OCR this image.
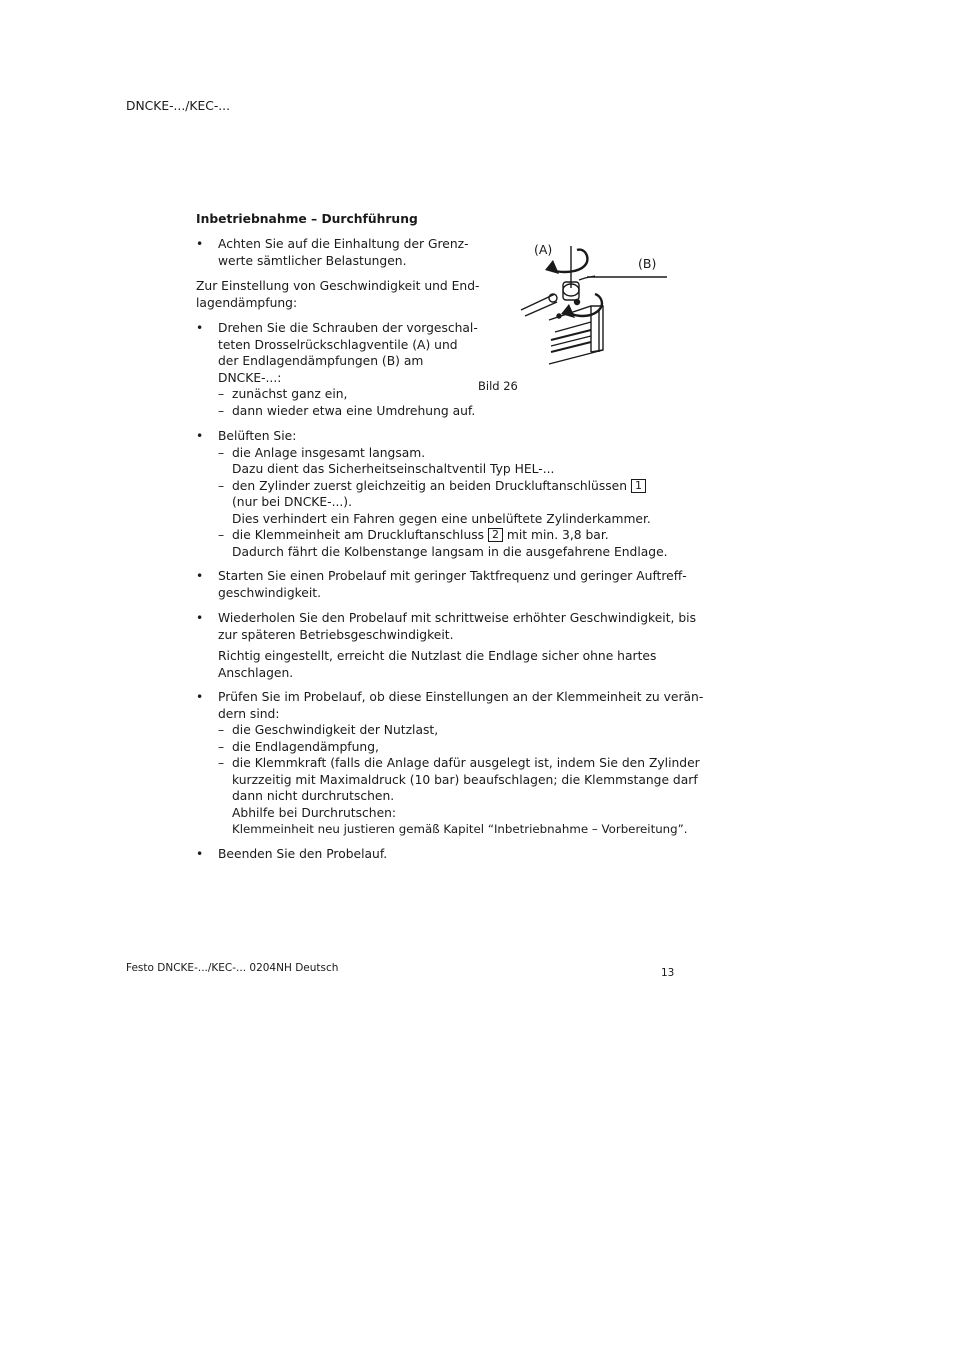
DNCKE-.../KEC-...
Inbetriebnahme – Durchführung
(A)
(B)
Bild 26
• Achten Sie auf die Einhaltung der Grenz-
werte sämtlicher Belastungen.
Zur Einstellung von Geschwindigkeit und End-
lagendämpfung:
• Drehen Sie die Schrauben der vorgeschal-
teten Drosselrückschlagventile (A) und
der Endlagendämpfungen (B) am
DNCKE-...:
– zunächst ganz ein,
– dann wieder etwa eine Umdrehung auf.
• Belüften Sie:
– die Anlage insgesamt langsam.
Dazu dient das Sicherheitseinschaltventil Typ HEL-...
– den Zylinder zuerst gleichzeitig an beiden Druckluftanschlüssen 1
(nur bei DNCKE-...).
Dies verhindert ein Fahren gegen eine unbelüftete Zylinderkammer.
– die Klemmeinheit am Druckluftanschluss 2 mit min. 3,8 bar.
Dadurch fährt die Kolbenstange langsam in die ausgefahrene Endlage.
• Starten Sie einen Probelauf mit geringer Taktfrequenz und geringer Auftreff-
geschwindigkeit.
• Wiederholen Sie den Probelauf mit schrittweise erhöhter Geschwindigkeit, bis
zur späteren Betriebsgeschwindigkeit.
Richtig eingestellt, erreicht die Nutzlast die Endlage sicher ohne hartes
Anschlagen.
• Prüfen Sie im Probelauf, ob diese Einstellungen an der Klemmeinheit zu verän-
dern sind:
– die Geschwindigkeit der Nutzlast,
– die Endlagendämpfung,
– die Klemmkraft (falls die Anlage dafür ausgelegt ist, indem Sie den Zylinder
kurzzeitig mit Maximaldruck (10 bar) beaufschlagen; die Klemmstange darf
dann nicht durchrutschen.
Abhilfe bei Durchrutschen:
Klemmeinheit neu justieren gemäß Kapitel “Inbetriebnahme – Vorbereitung”.
• Beenden Sie den Probelauf.
Festo DNCKE-.../KEC-... 0204NH Deutsch	13
